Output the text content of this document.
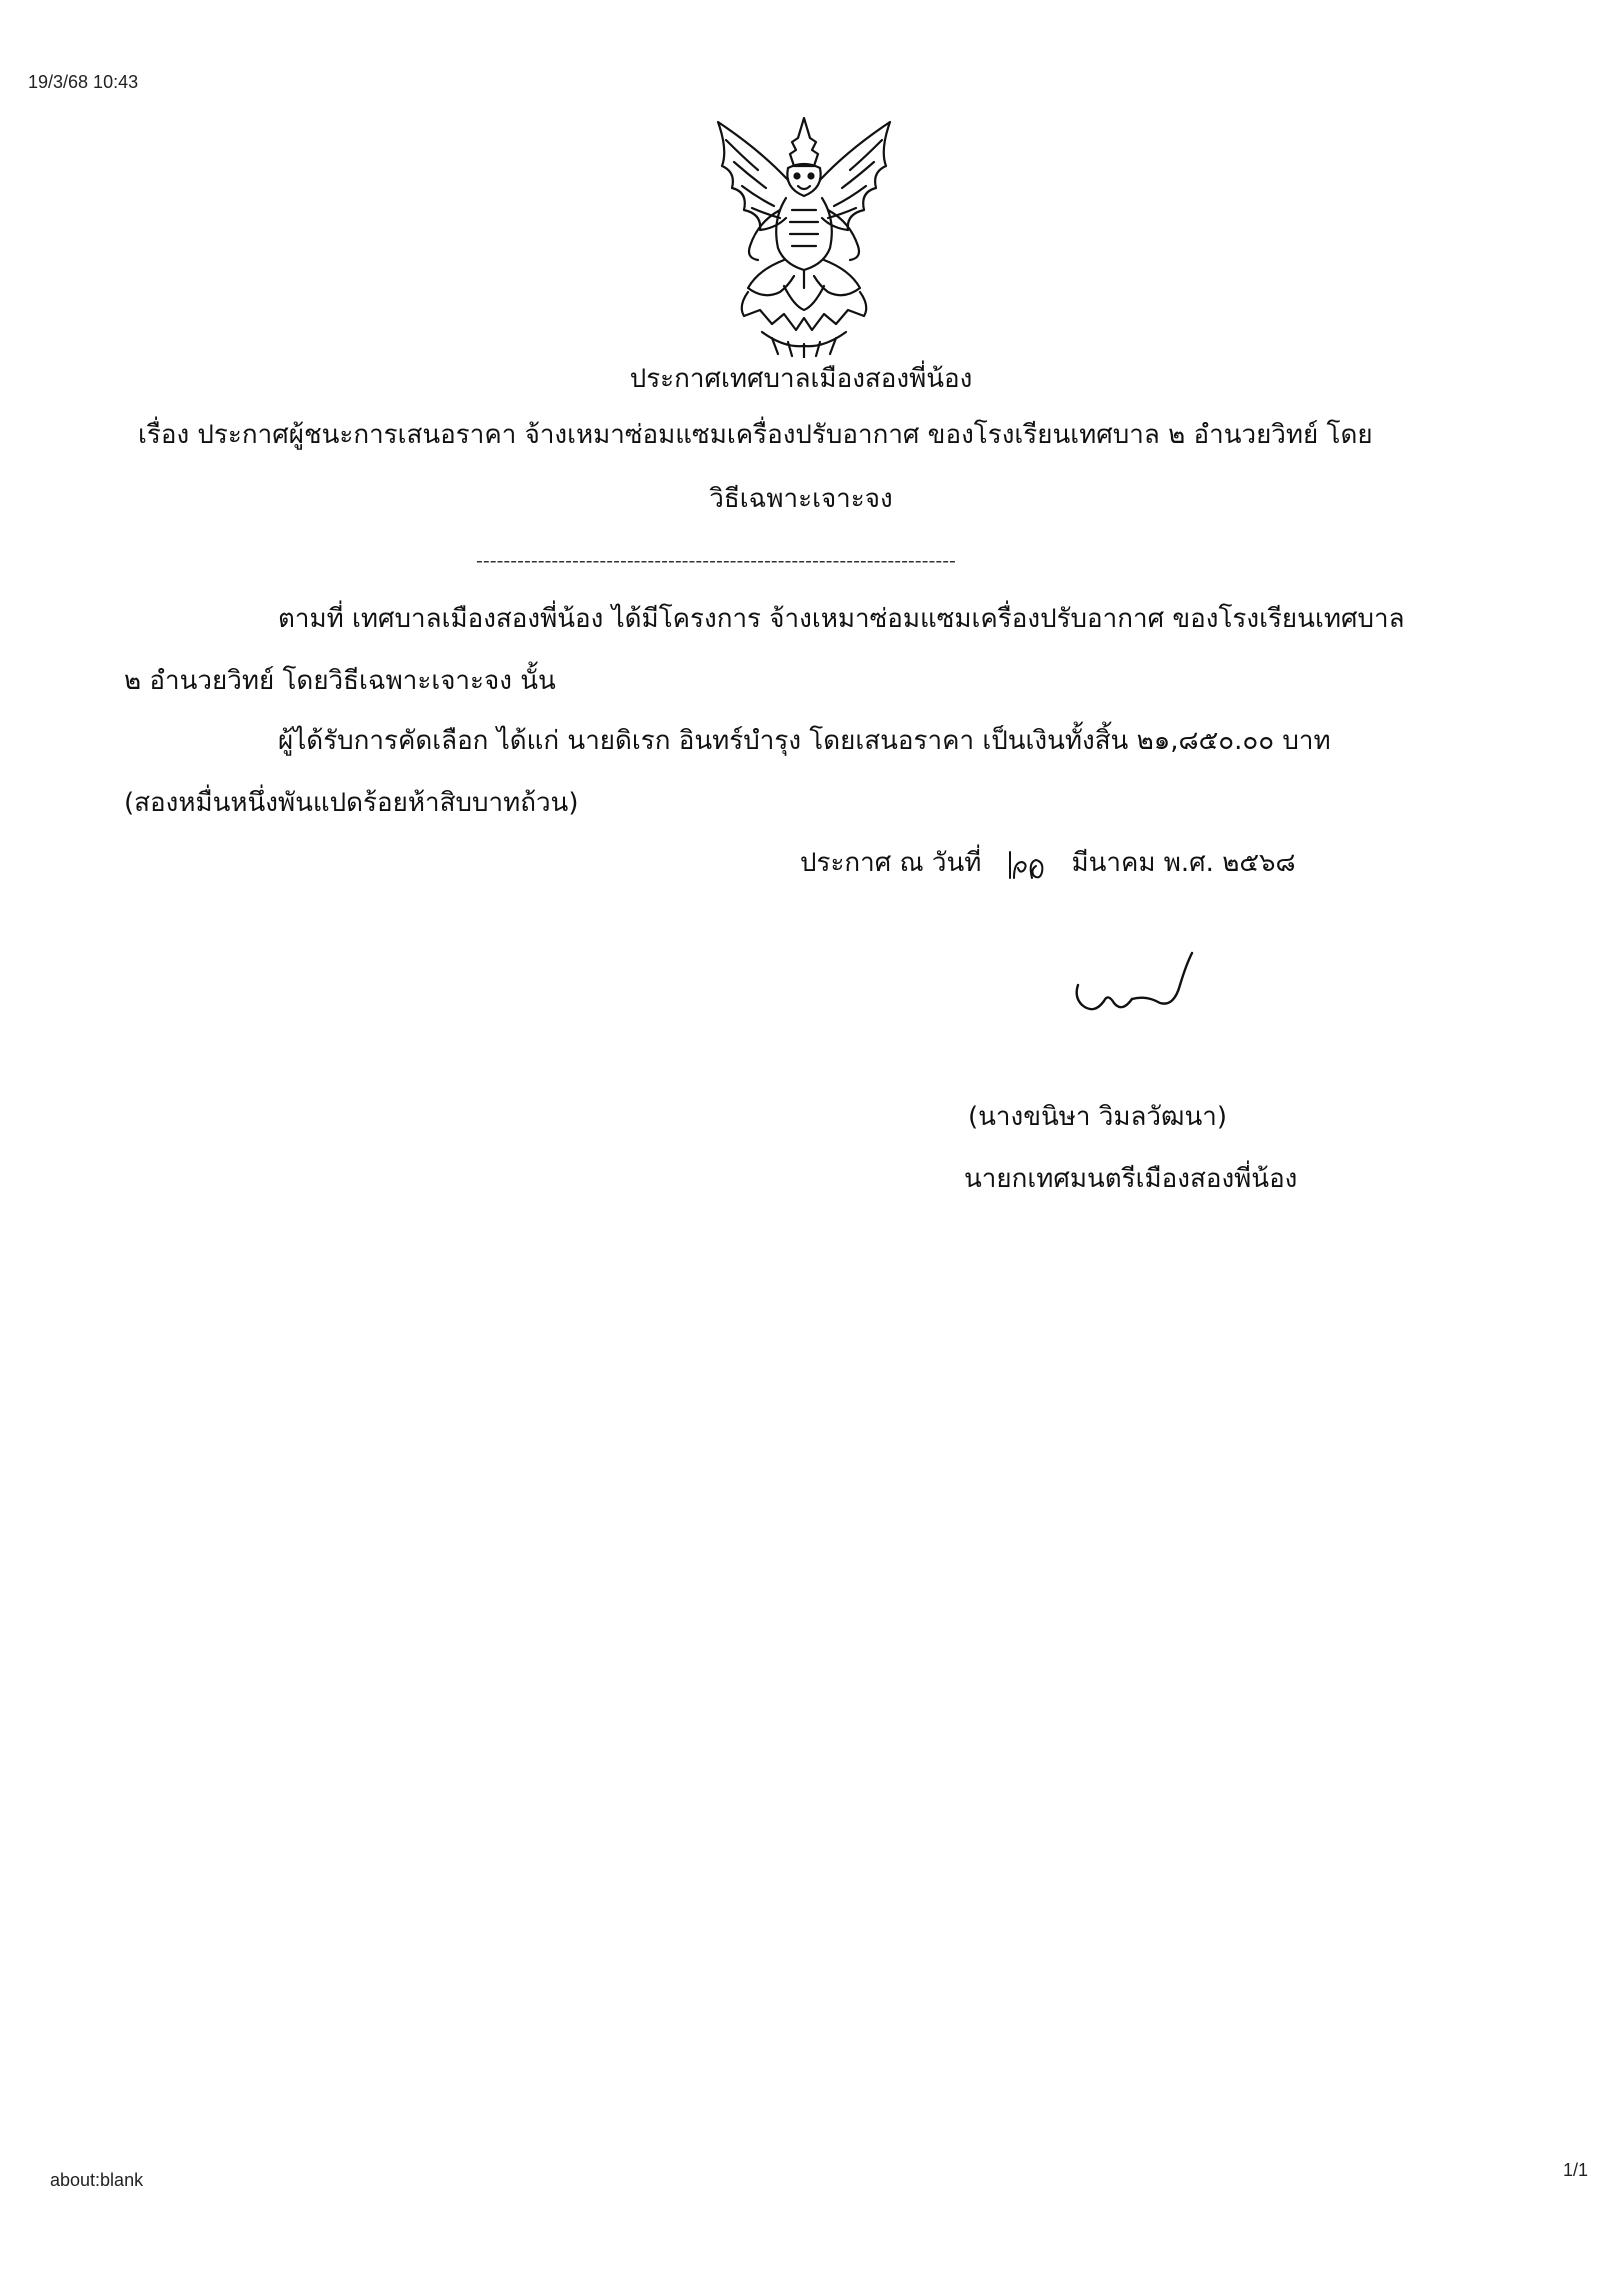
19/3/68 10:43
about:blank	1/1
ประกาศเทศบาลเมืองสองพี่น้อง
เรื่อง ประกาศผู้ชนะการเสนอราคา จ้างเหมาซ่อมแซมเครื่องปรับอากาศ ของโรงเรียนเทศบาล ๒ อำนวยวิทย์ โดย
วิธีเฉพาะเจาะจง
----------------------------------------------------------------------
ตามที่ เทศบาลเมืองสองพี่น้อง ได้มีโครงการ จ้างเหมาซ่อมแซมเครื่องปรับอากาศ ของโรงเรียนเทศบาล
๒ อำนวยวิทย์ โดยวิธีเฉพาะเจาะจง นั้น
ผู้ได้รับการคัดเลือก ได้แก่ นายดิเรก อินทร์บำรุง โดยเสนอราคา เป็นเงินทั้งสิ้น ๒๑,๘๕๐.๐๐ บาท
(สองหมื่นหนึ่งพันแปดร้อยห้าสิบบาทถ้วน)
ประกาศ ณ วันที่	มีนาคม พ.ศ. ๒๕๖๘
(นางขนิษา วิมลวัฒนา)
นายกเทศมนตรีเมืองสองพี่น้อง
